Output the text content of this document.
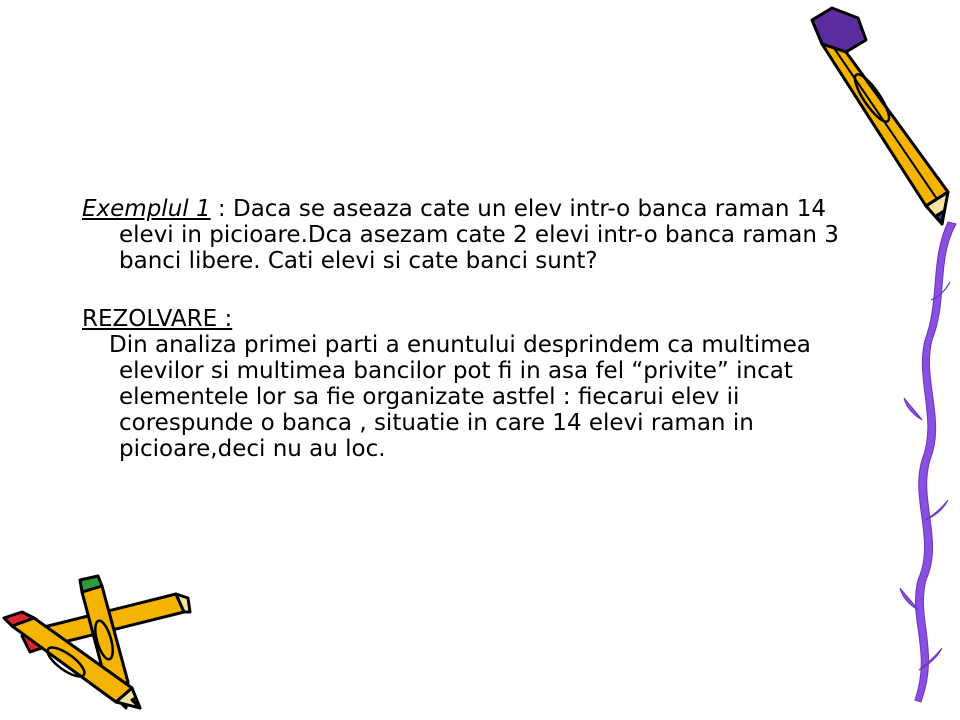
Exemplul 1 : Daca se aseaza cate un elev intr-o banca raman 14 elevi in picioare.Dca asezam cate 2 elevi intr-o banca raman 3 banci libere. Cati elevi si cate banci sunt?

REZOLVARE :

Din analiza primei parti a enuntului desprindem ca multimea elevilor si multimea bancilor pot fi in asa fel “privite” incat elementele lor sa fie organizate astfel : fiecarui elev ii corespunde o banca , situatie in care 14 elevi raman in picioare,deci nu au loc.
